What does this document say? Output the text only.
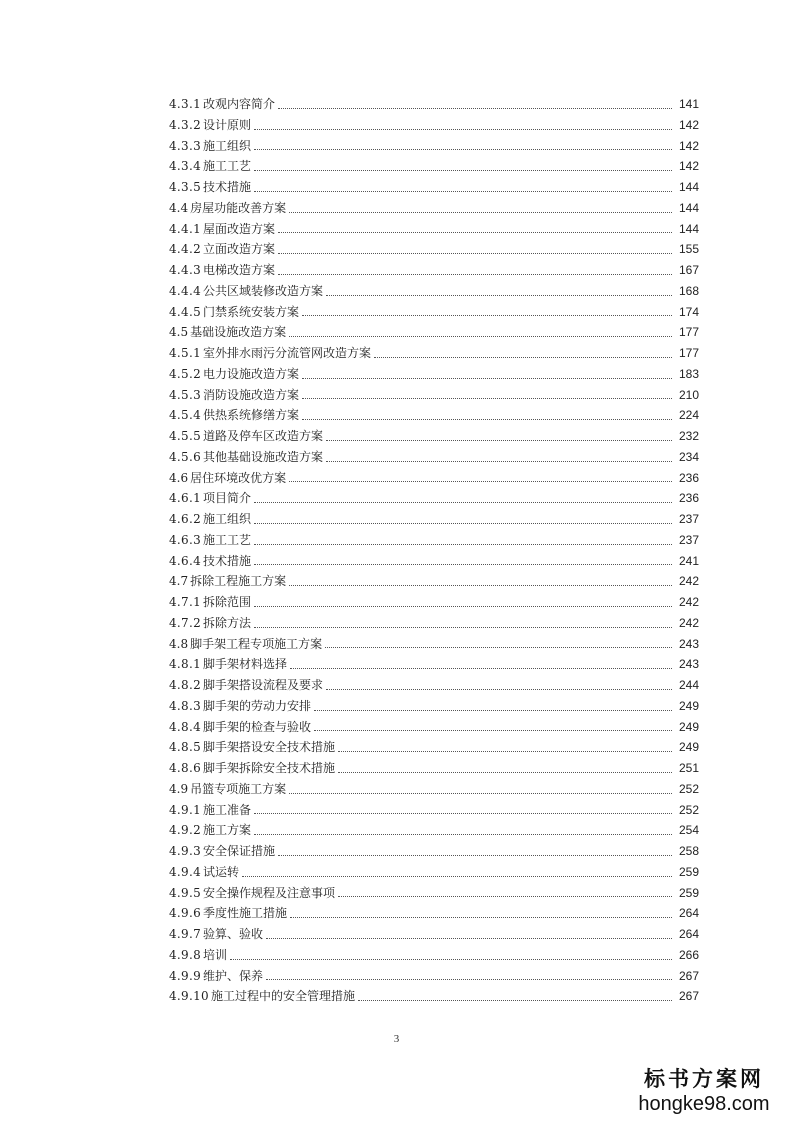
4.3.1 改观内容简介	141
4.3.2 设计原则	142
4.3.3 施工组织	142
4.3.4 施工工艺	142
4.3.5 技术措施	144
4.4 房屋功能改善方案	144
4.4.1 屋面改造方案	144
4.4.2 立面改造方案	155
4.4.3 电梯改造方案	167
4.4.4 公共区域装修改造方案	168
4.4.5 门禁系统安装方案	174
4.5 基础设施改造方案	177
4.5.1 室外排水雨污分流管网改造方案	177
4.5.2 电力设施改造方案	183
4.5.3 消防设施改造方案	210
4.5.4 供热系统修缮方案	224
4.5.5 道路及停车区改造方案	232
4.5.6 其他基础设施改造方案	234
4.6 居住环境改优方案	236
4.6.1 项目简介	236
4.6.2 施工组织	237
4.6.3 施工工艺	237
4.6.4 技术措施	241
4.7 拆除工程施工方案	242
4.7.1 拆除范围	242
4.7.2 拆除方法	242
4.8 脚手架工程专项施工方案	243
4.8.1 脚手架材料选择	243
4.8.2 脚手架搭设流程及要求	244
4.8.3 脚手架的劳动力安排	249
4.8.4 脚手架的检查与验收	249
4.8.5 脚手架搭设安全技术措施	249
4.8.6 脚手架拆除安全技术措施	251
4.9 吊篮专项施工方案	252
4.9.1 施工准备	252
4.9.2 施工方案	254
4.9.3 安全保证措施	258
4.9.4 试运转	259
4.9.5 安全操作规程及注意事项	259
4.9.6 季度性施工措施	264
4.9.7 验算、验收	264
4.9.8 培训	266
4.9.9 维护、保养	267
4.9.10 施工过程中的安全管理措施	267
3
标书方案网
hongke98.com
